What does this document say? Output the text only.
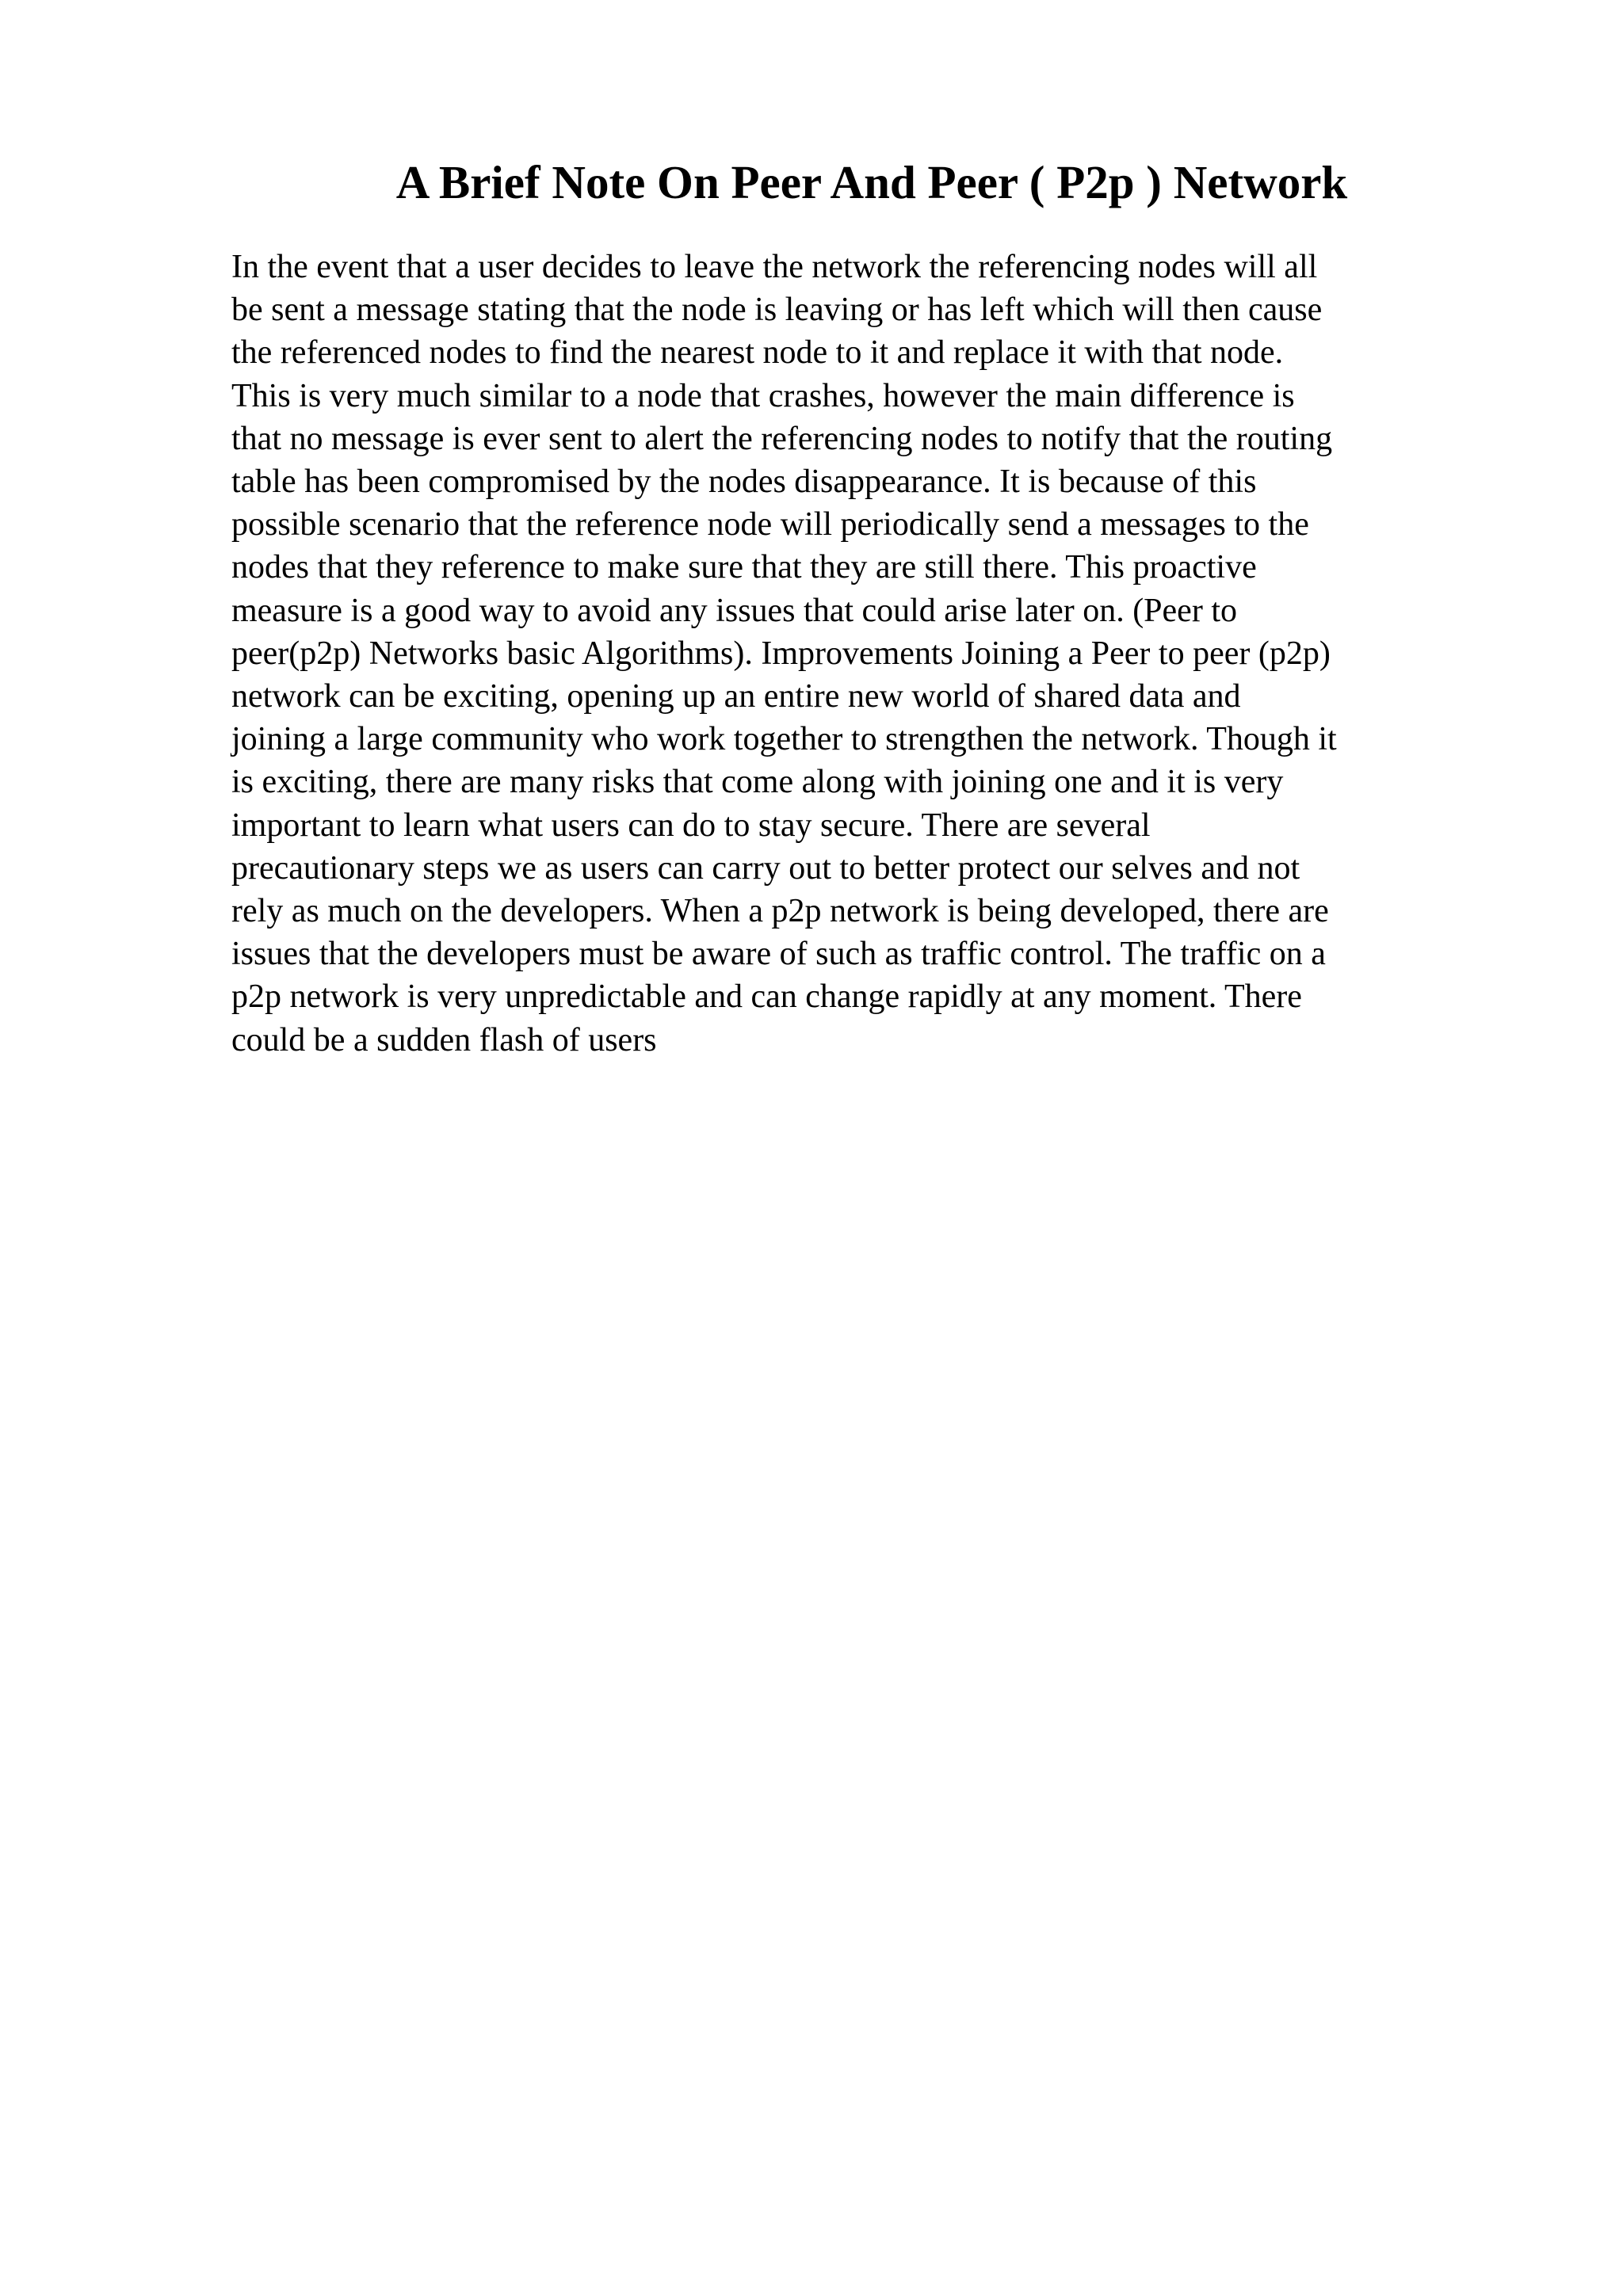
A Brief Note On Peer And Peer ( P2p ) Network
In the event that a user decides to leave the network the referencing nodes will all
be sent a message stating that the node is leaving or has left which will then cause
the referenced nodes to find the nearest node to it and replace it with that node.
This is very much similar to a node that crashes, however the main difference is
that no message is ever sent to alert the referencing nodes to notify that the routing
table has been compromised by the nodes disappearance. It is because of this
possible scenario that the reference node will periodically send a messages to the
nodes that they reference to make sure that they are still there. This proactive
measure is a good way to avoid any issues that could arise later on. (Peer to
peer(p2p) Networks basic Algorithms). Improvements Joining a Peer to peer (p2p)
network can be exciting, opening up an entire new world of shared data and
joining a large community who work together to strengthen the network. Though it
is exciting, there are many risks that come along with joining one and it is very
important to learn what users can do to stay secure. There are several
precautionary steps we as users can carry out to better protect our selves and not
rely as much on the developers. When a p2p network is being developed, there are
issues that the developers must be aware of such as traffic control. The traffic on a
p2p network is very unpredictable and can change rapidly at any moment. There
could be a sudden flash of users
